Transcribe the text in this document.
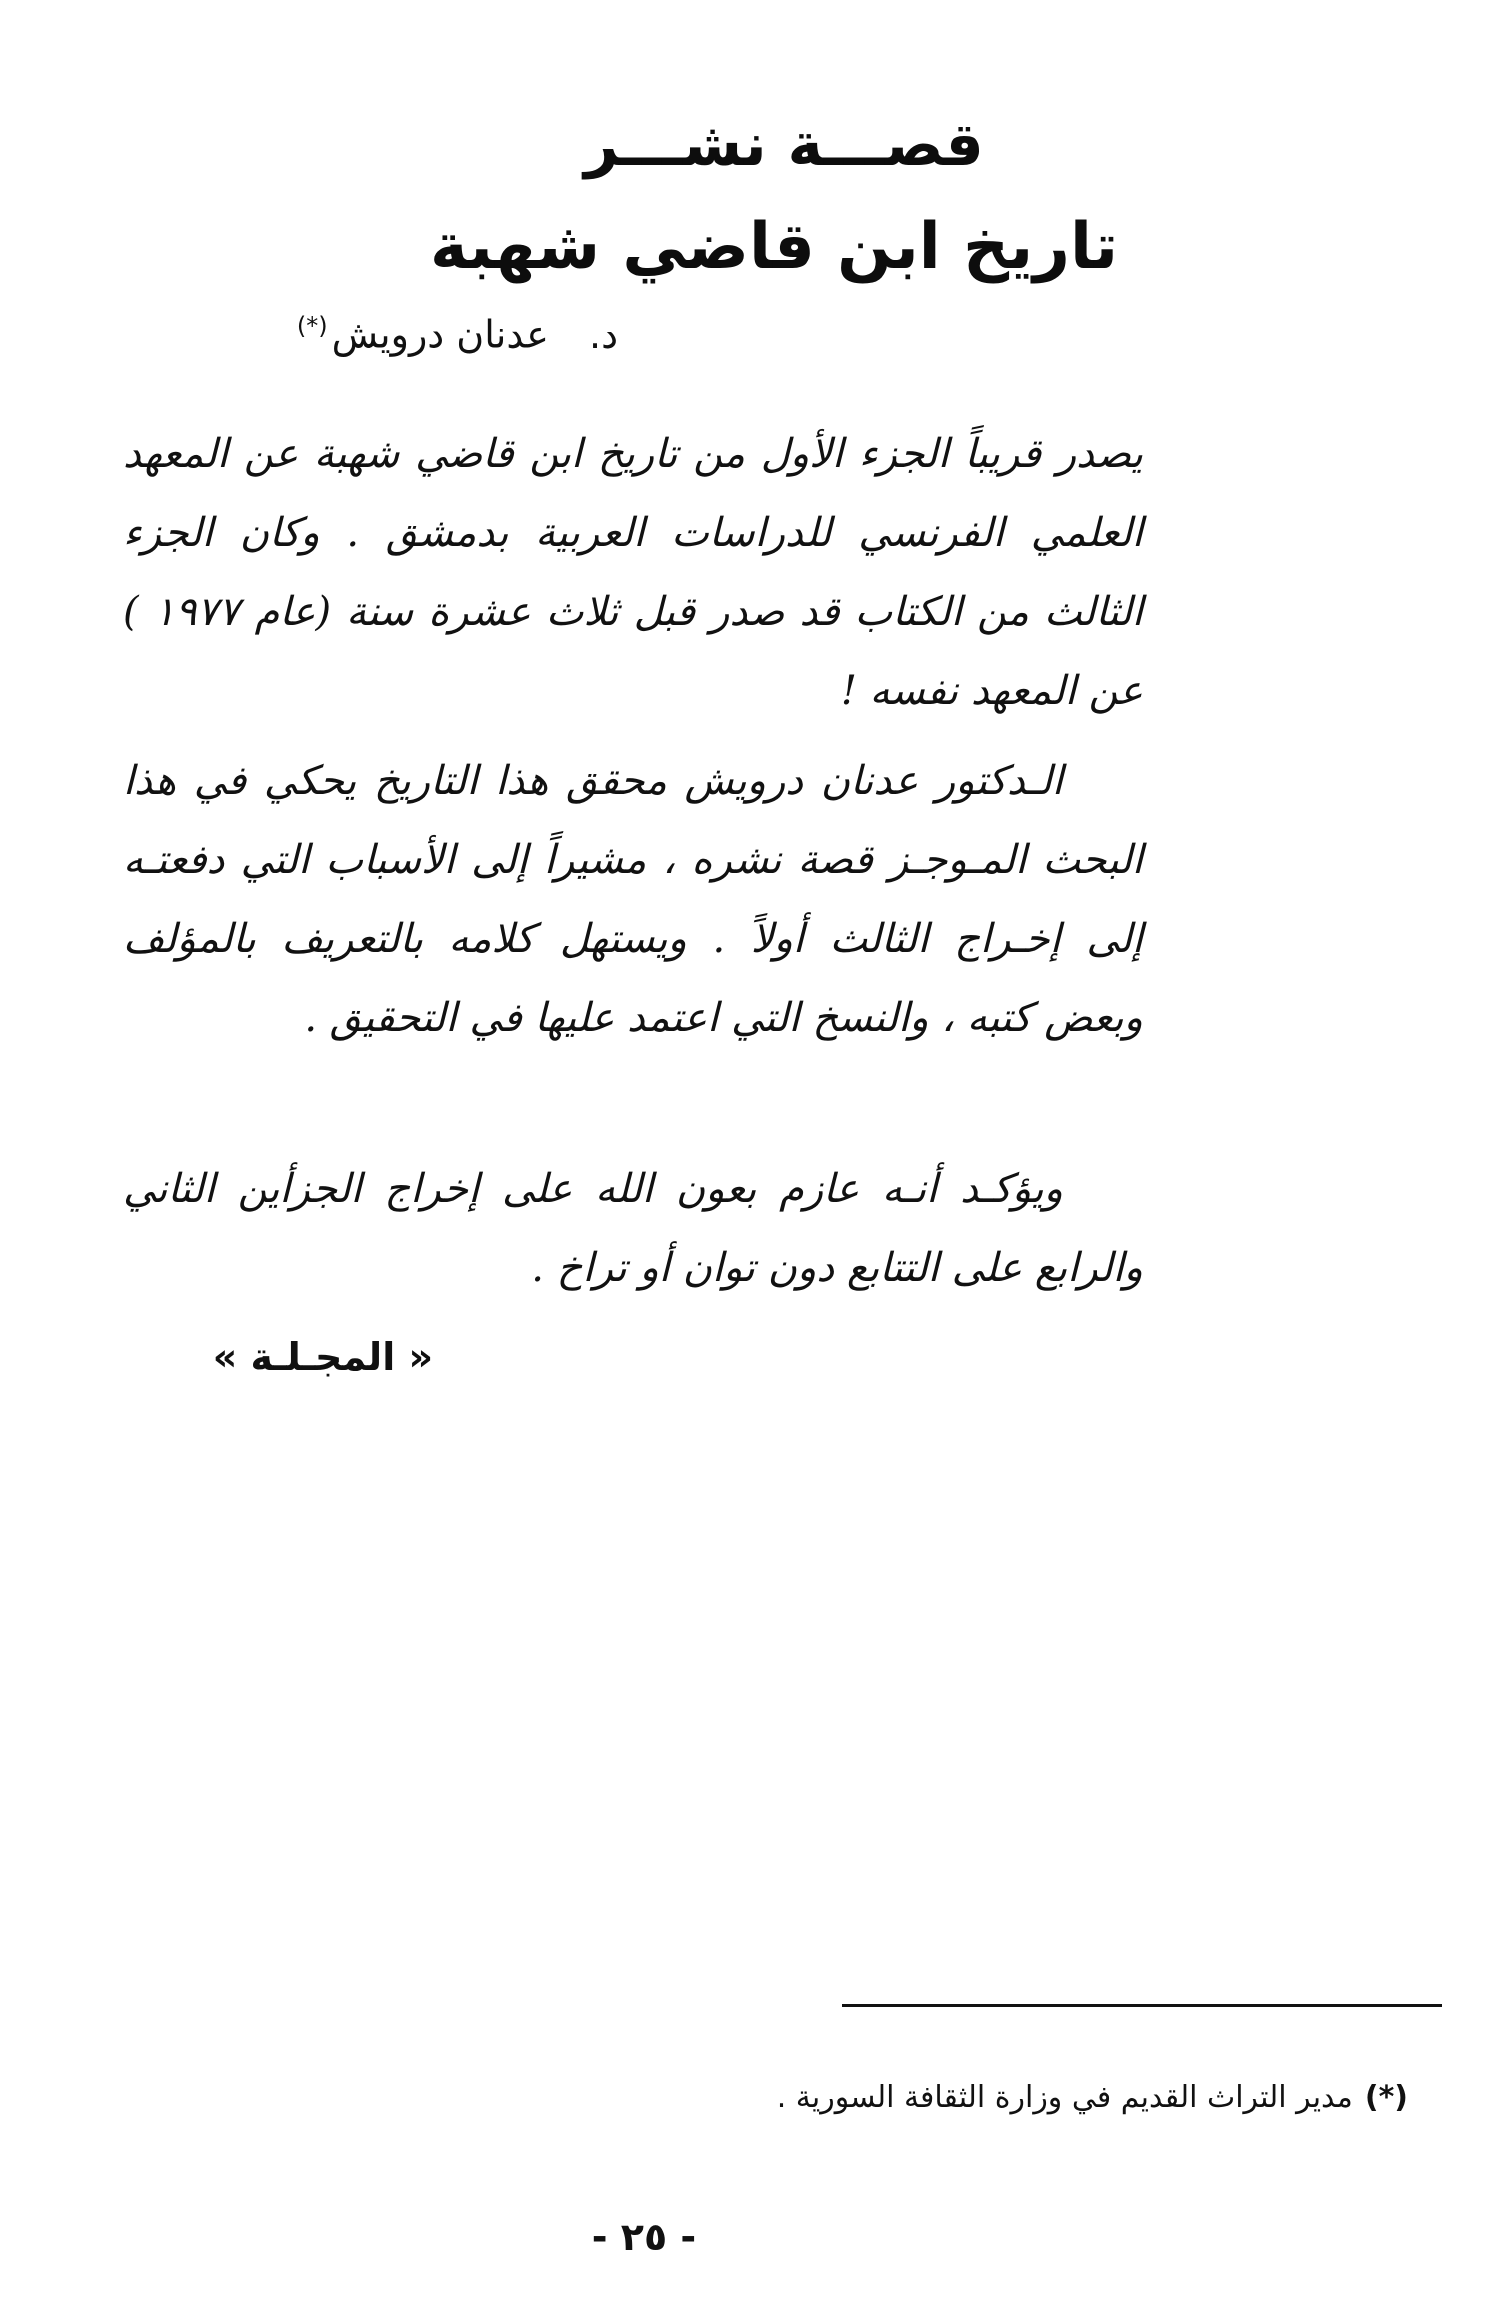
قصـــة نشـــر
تاريخ ابن قاضي شهبة
د.عدنان درويش(*)

يصدر قريباً الجزء الأول من تاريخ ابن قاضي شهبة عن المعهد العلمي الفرنسي للدراسات العربية بدمشق . وكان الجزء الثالث من الكتاب قد صدر قبل ثلاث عشرة سنة (عام ١٩٧٧ ) عن المعهد نفسه !

الـدكتور عدنان درويش محقق هذا التاريخ يحكي في هذا البحث المـوجـز قصة نشره ، مشيراً إلى الأسباب التي دفعتـه إلى إخـراج الثالث أولاً . ويستهل كلامه بالتعريف بالمؤلف وبعض كتبه ، والنسخ التي اعتمد عليها في التحقيق .

ويؤكـد أنـه عازم بعون الله على إخراج الجزأين الثاني والرابع على التتابع دون توان أو تراخ .

« المجـلـة »
(*)مدير التراث القديم في وزارة الثقافة السورية .
- ٢٥ -
